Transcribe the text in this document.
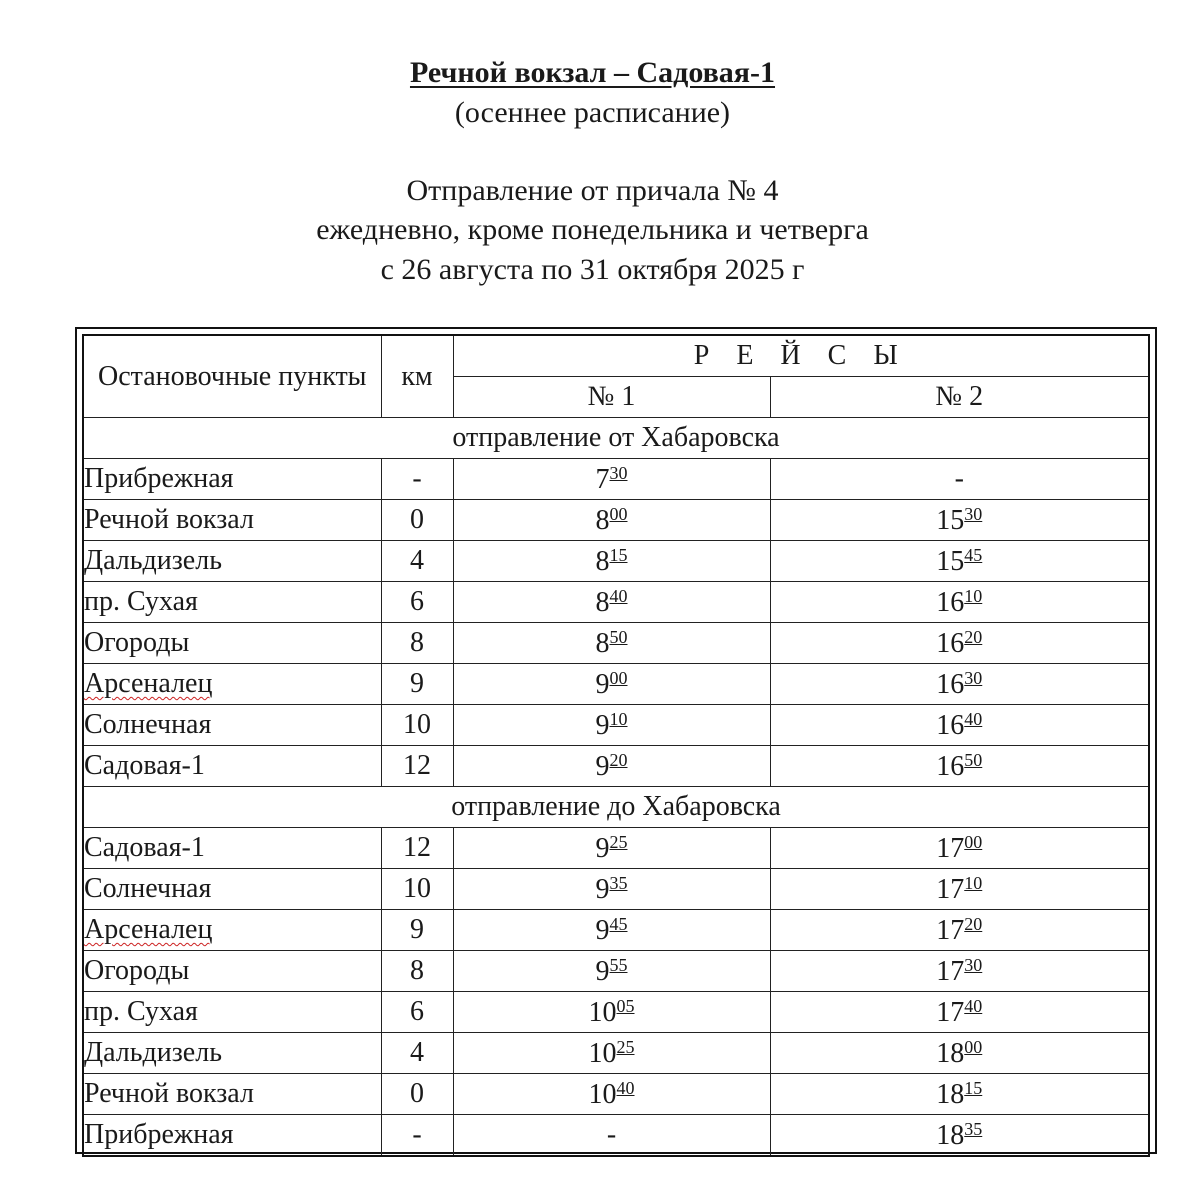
Речной вокзал – Садовая-1
(осеннее расписание)
Отправление от причала № 4
ежедневно, кроме понедельника и четверга
с 26 августа по 31 октября 2025 г
Остановочные пункты	км	Р Е Й С Ы	
		№ 1	№ 2
отправление от Хабаровска			
Прибрежная	-	$7^{30}$	-
Речной вокзал	0	$8^{00}$	$15^{30}$
Дальдизель	4	$8^{15}$	$15^{45}$
пр. Сухая	6	$8^{40}$	$16^{10}$
Огороды	8	$8^{50}$	$16^{20}$
Арсеналец	9	$9^{00}$	$16^{30}$
Солнечная	10	$9^{10}$	$16^{40}$
Садовая-1	12	$9^{20}$	$16^{50}$
отправление до Хабаровска			
Садовая-1	12	$9^{25}$	$17^{00}$
Солнечная	10	$9^{35}$	$17^{10}$
Арсеналец	9	$9^{45}$	$17^{20}$
Огороды	8	$9^{55}$	$17^{30}$
пр. Сухая	6	$10^{05}$	$17^{40}$
Дальдизель	4	$10^{25}$	$18^{00}$
Речной вокзал	0	$10^{40}$	$18^{15}$
Прибрежная	-	-	$18^{35}$
